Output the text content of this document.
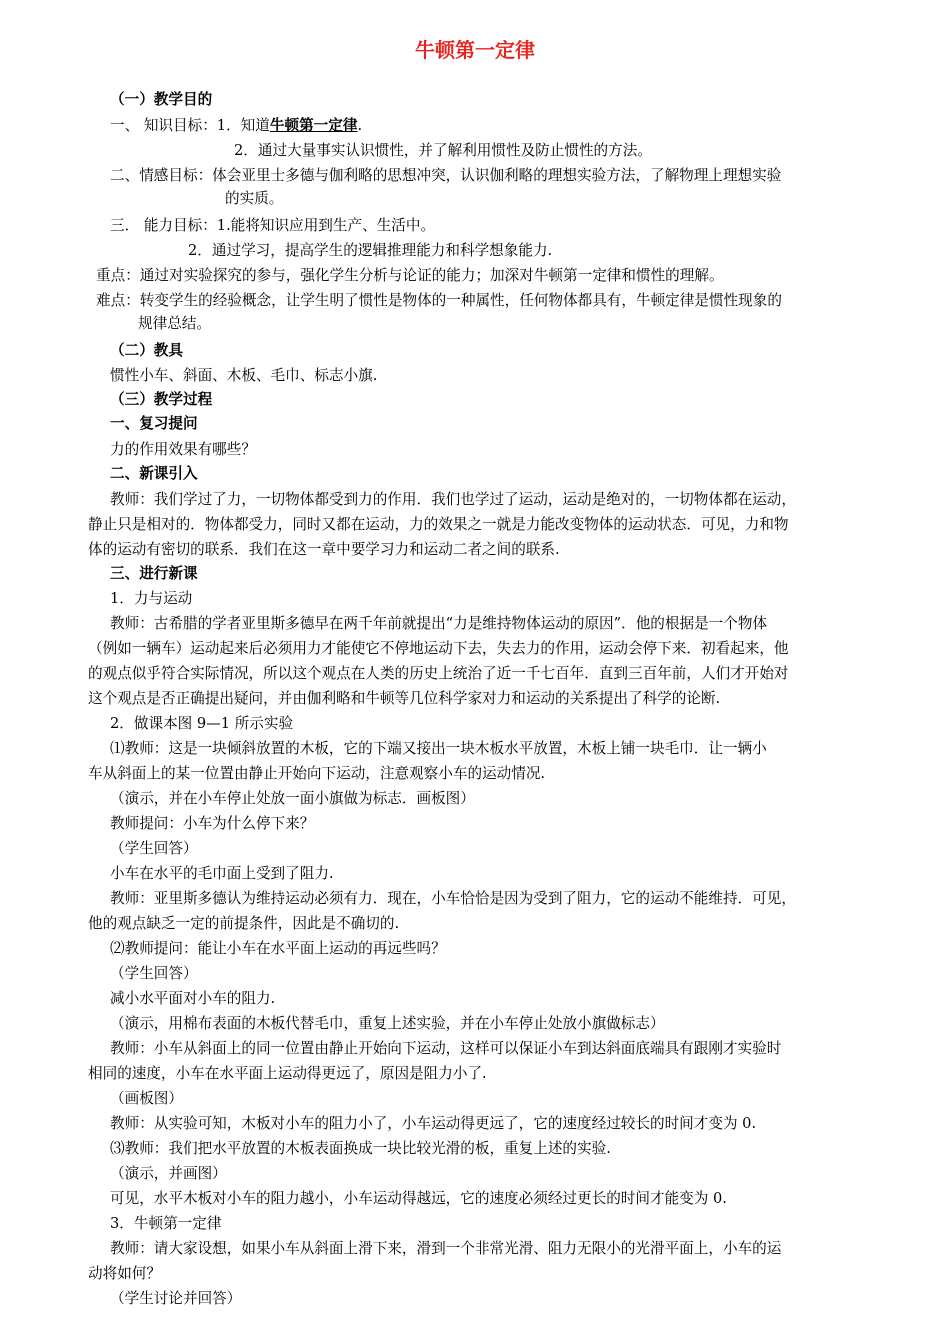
牛顿第一定律
（一）教学目的
一、 知识目标：1．知道牛顿第一定律.
2．通过大量事实认识惯性，并了解利用惯性及防止惯性的方法。
二、情感目标：体会亚里士多德与伽利略的思想冲突，认识伽利略的理想实验方法，了解物理上理想实验
的实质。
三． 能力目标：1.能将知识应用到生产、生活中。
2．通过学习，提高学生的逻辑推理能力和科学想象能力.
重点：通过对实验探究的参与，强化学生分析与论证的能力；加深对牛顿第一定律和惯性的理解。
难点：转变学生的经验概念，让学生明了惯性是物体的一种属性，任何物体都具有，牛顿定律是惯性现象的
规律总结。
（二）教具
惯性小车、斜面、木板、毛巾、标志小旗.
（三）教学过程
一、复习提问
力的作用效果有哪些？
二、新课引入
教师：我们学过了力，一切物体都受到力的作用．我们也学过了运动，运动是绝对的，一切物体都在运动，
静止只是相对的．物体都受力，同时又都在运动，力的效果之一就是力能改变物体的运动状态．可见，力和物
体的运动有密切的联系．我们在这一章中要学习力和运动二者之间的联系.
三、进行新课
1．力与运动
教师：古希腊的学者亚里斯多德早在两千年前就提出“力是维持物体运动的原因”．他的根据是一个物体
（例如一辆车）运动起来后必须用力才能使它不停地运动下去，失去力的作用，运动会停下来．初看起来，他
的观点似乎符合实际情况，所以这个观点在人类的历史上统治了近一千七百年．直到三百年前，人们才开始对
这个观点是否正确提出疑问，并由伽利略和牛顿等几位科学家对力和运动的关系提出了科学的论断.
2．做课本图 9—1 所示实验
⑴教师：这是一块倾斜放置的木板，它的下端又接出一块木板水平放置，木板上铺一块毛巾．让一辆小
车从斜面上的某一位置由静止开始向下运动，注意观察小车的运动情况.
（演示，并在小车停止处放一面小旗做为标志．画板图）
教师提问：小车为什么停下来？
（学生回答）
小车在水平的毛巾面上受到了阻力.
教师：亚里斯多德认为维持运动必须有力．现在，小车恰恰是因为受到了阻力，它的运动不能维持．可见，
他的观点缺乏一定的前提条件，因此是不确切的.
⑵教师提问：能让小车在水平面上运动的再远些吗？
（学生回答）
减小水平面对小车的阻力.
（演示，用棉布表面的木板代替毛巾，重复上述实验，并在小车停止处放小旗做标志）
教师：小车从斜面上的同一位置由静止开始向下运动，这样可以保证小车到达斜面底端具有跟刚才实验时
相同的速度，小车在水平面上运动得更远了，原因是阻力小了.
（画板图）
教师：从实验可知，木板对小车的阻力小了，小车运动得更远了，它的速度经过较长的时间才变为 0.
⑶教师：我们把水平放置的木板表面换成一块比较光滑的板，重复上述的实验.
（演示，并画图）
可见，水平木板对小车的阻力越小，小车运动得越远，它的速度必须经过更长的时间才能变为 0.
3．牛顿第一定律
教师：请大家设想，如果小车从斜面上滑下来，滑到一个非常光滑、阻力无限小的光滑平面上，小车的运
动将如何？
（学生讨论并回答）
